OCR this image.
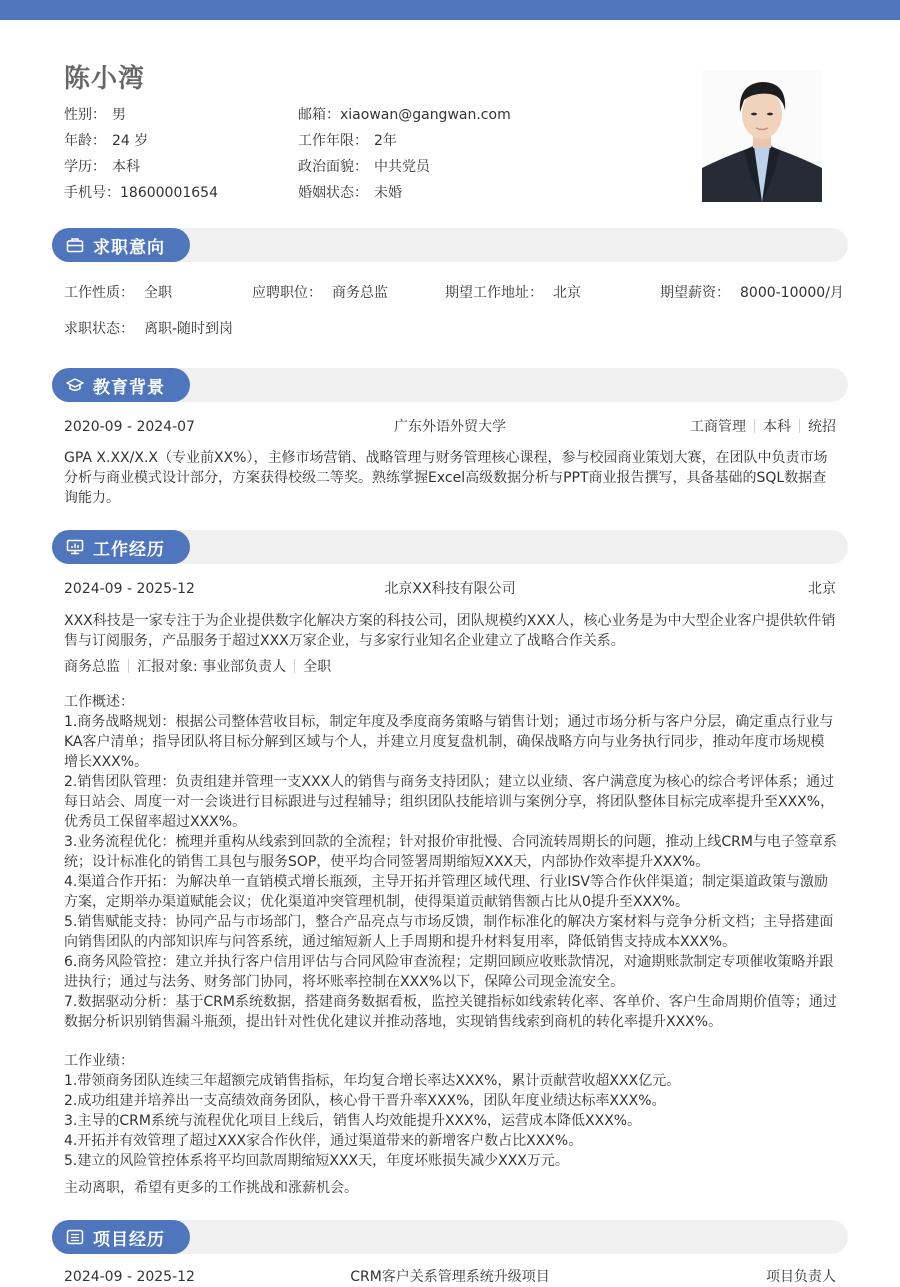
陈小湾
性别： 男
年龄： 24 岁
学历： 本科
手机号：18600001654
邮箱：xiaowan@gangwan.com
工作年限： 2年
政治面貌： 中共党员
婚姻状态： 未婚
求职意向
工作性质： 全职	应聘职位： 商务总监	期望工作地址： 北京	期望薪资： 8000-10000/月
求职状态： 离职-随时到岗
教育背景
2020-09 - 2024-07	广东外语外贸大学	工商管理 本科 统招
GPA X.XX/X.X（专业前XX%），主修市场营销、战略管理与财务管理核心课程，参与校园商业策划大赛，在团队中负责市场分析与商业模式设计部分，方案获得校级二等奖。熟练掌握Excel高级数据分析与PPT商业报告撰写，具备基础的SQL数据查询能力。
工作经历
2024-09 - 2025-12	北京XX科技有限公司	北京
XXX科技是一家专注于为企业提供数字化解决方案的科技公司，团队规模约XXX人，核心业务是为中大型企业客户提供软件销售与订阅服务，产品服务于超过XXX万家企业，与多家行业知名企业建立了战略合作关系。
商务总监 汇报对象: 事业部负责人 全职
工作概述：
1.商务战略规划：根据公司整体营收目标，制定年度及季度商务策略与销售计划；通过市场分析与客户分层，确定重点行业与KA客户清单；指导团队将目标分解到区域与个人，并建立月度复盘机制，确保战略方向与业务执行同步，推动年度市场规模增长XXX%。
2.销售团队管理：负责组建并管理一支XXX人的销售与商务支持团队；建立以业绩、客户满意度为核心的综合考评体系；通过每日站会、周度一对一会谈进行目标跟进与过程辅导；组织团队技能培训与案例分享，将团队整体目标完成率提升至XXX%，优秀员工保留率超过XXX%。
3.业务流程优化：梳理并重构从线索到回款的全流程；针对报价审批慢、合同流转周期长的问题，推动上线CRM与电子签章系统；设计标准化的销售工具包与服务SOP，使平均合同签署周期缩短XXX天，内部协作效率提升XXX%。
4.渠道合作开拓：为解决单一直销模式增长瓶颈，主导开拓并管理区域代理、行业ISV等合作伙伴渠道；制定渠道政策与激励方案，定期举办渠道赋能会议；优化渠道冲突管理机制，使得渠道贡献销售额占比从0提升至XXX%。
5.销售赋能支持：协同产品与市场部门，整合产品亮点与市场反馈，制作标准化的解决方案材料与竞争分析文档；主导搭建面向销售团队的内部知识库与问答系统，通过缩短新人上手周期和提升材料复用率，降低销售支持成本XXX%。
6.商务风险管控：建立并执行客户信用评估与合同风险审查流程；定期回顾应收账款情况，对逾期账款制定专项催收策略并跟进执行；通过与法务、财务部门协同，将坏账率控制在XXX%以下，保障公司现金流安全。
7.数据驱动分析：基于CRM系统数据，搭建商务数据看板，监控关键指标如线索转化率、客单价、客户生命周期价值等；通过数据分析识别销售漏斗瓶颈，提出针对性优化建议并推动落地，实现销售线索到商机的转化率提升XXX%。
工作业绩：
1.带领商务团队连续三年超额完成销售指标，年均复合增长率达XXX%，累计贡献营收超XXX亿元。
2.成功组建并培养出一支高绩效商务团队，核心骨干晋升率XXX%，团队年度业绩达标率XXX%。
3.主导的CRM系统与流程优化项目上线后，销售人均效能提升XXX%，运营成本降低XXX%。
4.开拓并有效管理了超过XXX家合作伙伴，通过渠道带来的新增客户数占比XXX%。
5.建立的风险管控体系将平均回款周期缩短XXX天，年度坏账损失减少XXX万元。
主动离职，希望有更多的工作挑战和涨薪机会。
项目经历
2024-09 - 2025-12	CRM客户关系管理系统升级项目	项目负责人
